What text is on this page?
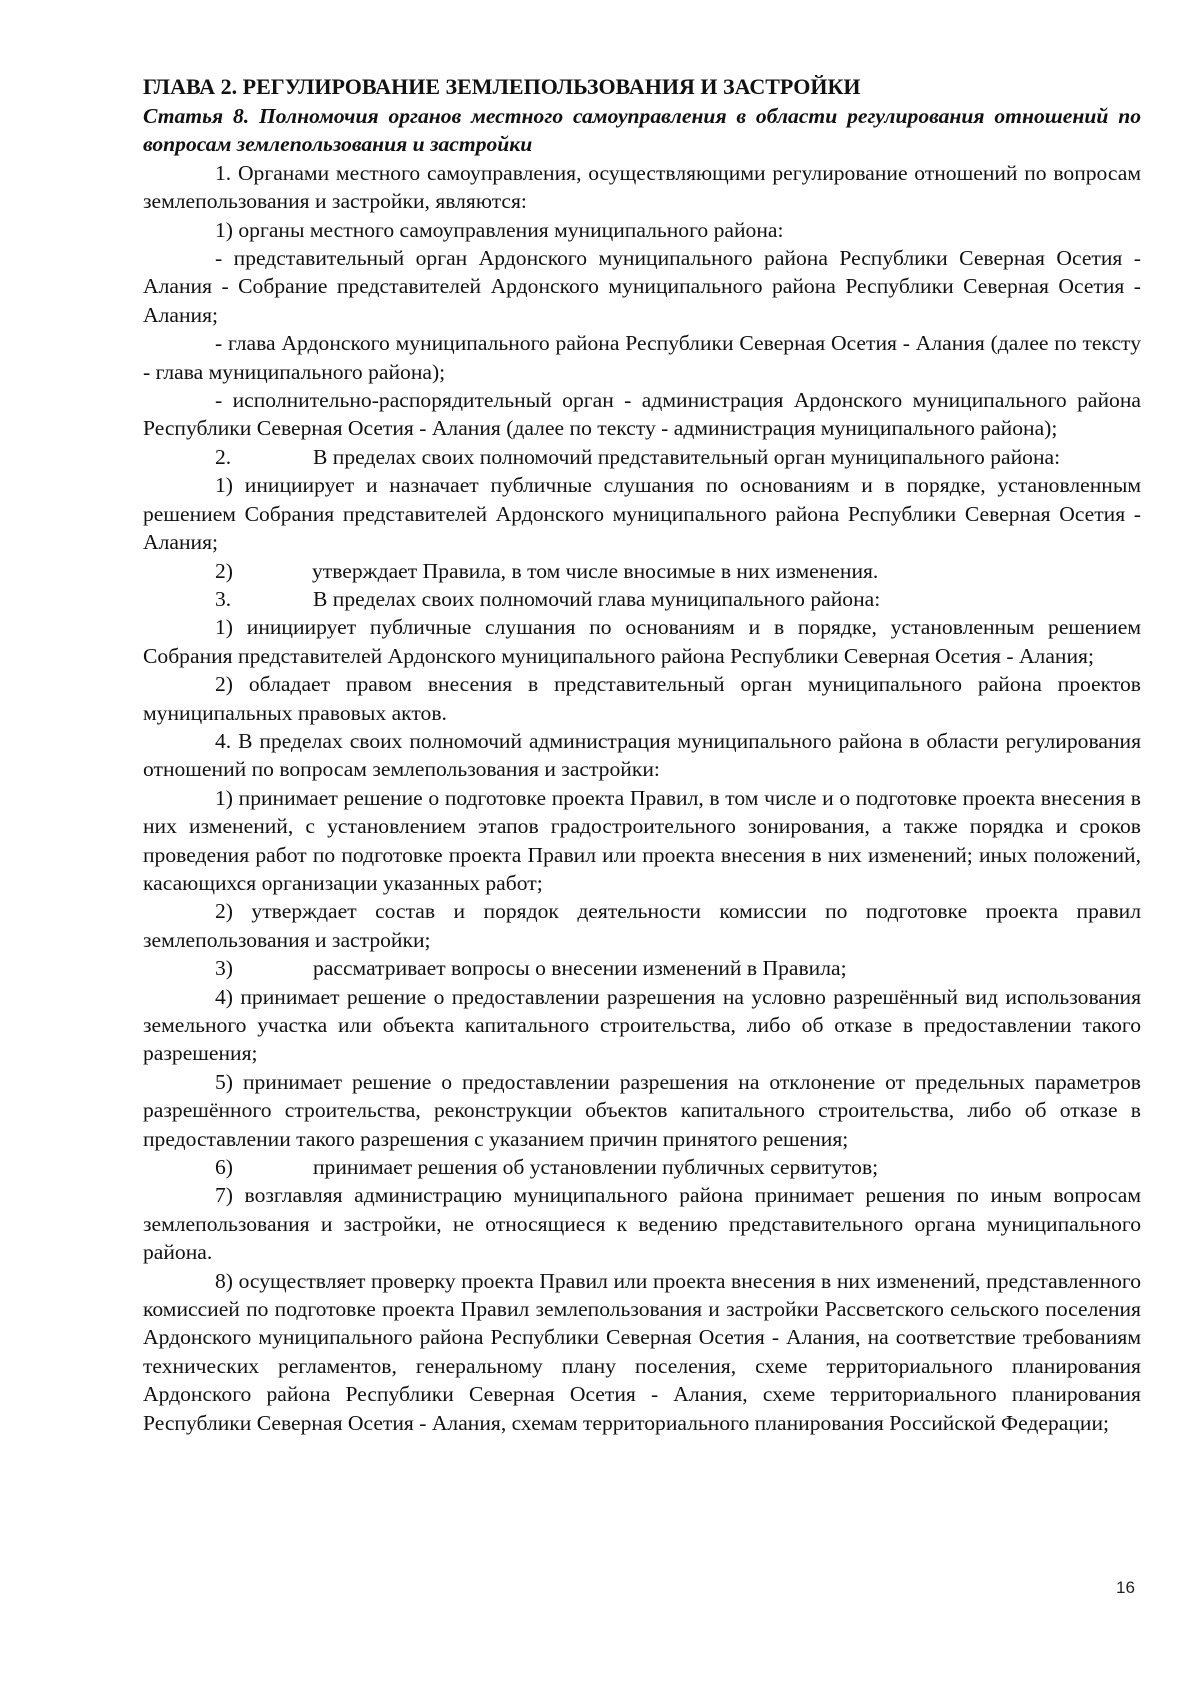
ГЛАВА 2. РЕГУЛИРОВАНИЕ ЗЕМЛЕПОЛЬЗОВАНИЯ И ЗАСТРОЙКИ

Статья 8. Полномочия органов местного самоуправления в области регулирования отношений по вопросам землепользования и застройки

1. Органами местного самоуправления, осуществляющими регулирование отношений по вопросам землепользования и застройки, являются:

1) органы местного самоуправления муниципального района:

- представительный орган Ардонского муниципального района Республики Северная Осетия - Алания - Собрание представителей Ардонского муниципального района Республики Северная Осетия - Алания;

- глава Ардонского муниципального района Республики Северная Осетия - Алания (далее по тексту - глава муниципального района);

- исполнительно-распорядительный орган - администрация Ардонского муниципального района Республики Северная Осетия - Алания (далее по тексту - администрация муниципального района);

2.	В пределах своих полномочий представительный орган муниципального района:

1) инициирует и назначает публичные слушания по основаниям и в порядке, установленным решением Собрания представителей Ардонского муниципального района Республики Северная Осетия - Алания;

2)	утверждает Правила, в том числе вносимые в них изменения.

3.	В пределах своих полномочий глава муниципального района:

1) инициирует публичные слушания по основаниям и в порядке, установленным решением Собрания представителей Ардонского муниципального района Республики Северная Осетия - Алания;

2) обладает правом внесения в представительный орган муниципального района проектов муниципальных правовых актов.

4. В пределах своих полномочий администрация муниципального района в области регулирования отношений по вопросам землепользования и застройки:

1) принимает решение о подготовке проекта Правил, в том числе и о подготовке проекта внесения в них изменений, с установлением этапов градостроительного зонирования, а также порядка и сроков проведения работ по подготовке проекта Правил или проекта внесения в них изменений; иных положений, касающихся организации указанных работ;

2) утверждает состав и порядок деятельности комиссии по подготовке проекта правил землепользования и застройки;

3)	рассматривает вопросы о внесении изменений в Правила;

4) принимает решение о предоставлении разрешения на условно разрешённый вид использования земельного участка или объекта капитального строительства, либо об отказе в предоставлении такого разрешения;

5) принимает решение о предоставлении разрешения на отклонение от предельных параметров разрешённого строительства, реконструкции объектов капитального строительства, либо об отказе в предоставлении такого разрешения с указанием причин принятого решения;

6)	принимает решения об установлении публичных сервитутов;

7) возглавляя администрацию муниципального района принимает решения по иным вопросам землепользования и застройки, не относящиеся к ведению представительного органа муниципального района.

8) осуществляет проверку проекта Правил или проекта внесения в них изменений, представленного комиссией по подготовке проекта Правил землепользования и застройки Рассветского сельского поселения Ардонского муниципального района Республики Северная Осетия - Алания, на соответствие требованиям технических регламентов, генеральному плану поселения, схеме территориального планирования Ардонского района Республики Северная Осетия - Алания, схеме территориального планирования Республики Северная Осетия - Алания, схемам территориального планирования Российской Федерации;

16
